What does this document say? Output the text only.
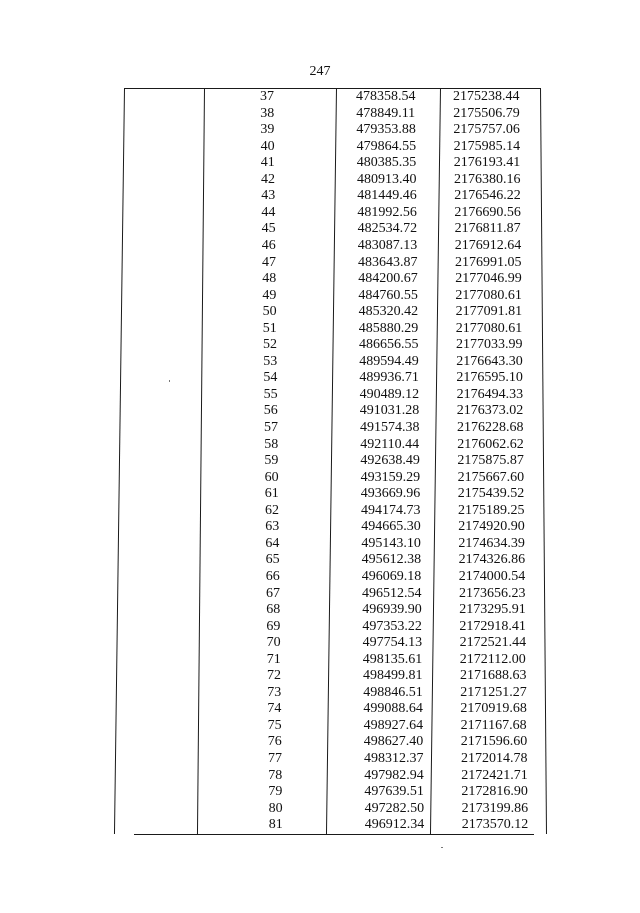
247
37	478358.54	2175238.44
38	478849.11	2175506.79
39	479353.88	2175757.06
40	479864.55	2175985.14
41	480385.35	2176193.41
42	480913.40	2176380.16
43	481449.46	2176546.22
44	481992.56	2176690.56
45	482534.72	2176811.87
46	483087.13	2176912.64
47	483643.87	2176991.05
48	484200.67	2177046.99
49	484760.55	2177080.61
50	485320.42	2177091.81
51	485880.29	2177080.61
52	486656.55	2177033.99
53	489594.49	2176643.30
54	489936.71	2176595.10
55	490489.12	2176494.33
56	491031.28	2176373.02
57	491574.38	2176228.68
58	492110.44	2176062.62
59	492638.49	2175875.87
60	493159.29	2175667.60
61	493669.96	2175439.52
62	494174.73	2175189.25
63	494665.30	2174920.90
64	495143.10	2174634.39
65	495612.38	2174326.86
66	496069.18	2174000.54
67	496512.54	2173656.23
68	496939.90	2173295.91
69	497353.22	2172918.41
70	497754.13	2172521.44
71	498135.61	2172112.00
72	498499.81	2171688.63
73	498846.51	2171251.27
74	499088.64	2170919.68
75	498927.64	2171167.68
76	498627.40	2171596.60
77	498312.37	2172014.78
78	497982.94	2172421.71
79	497639.51	2172816.90
80	497282.50	2173199.86
81	496912.34	2173570.12
